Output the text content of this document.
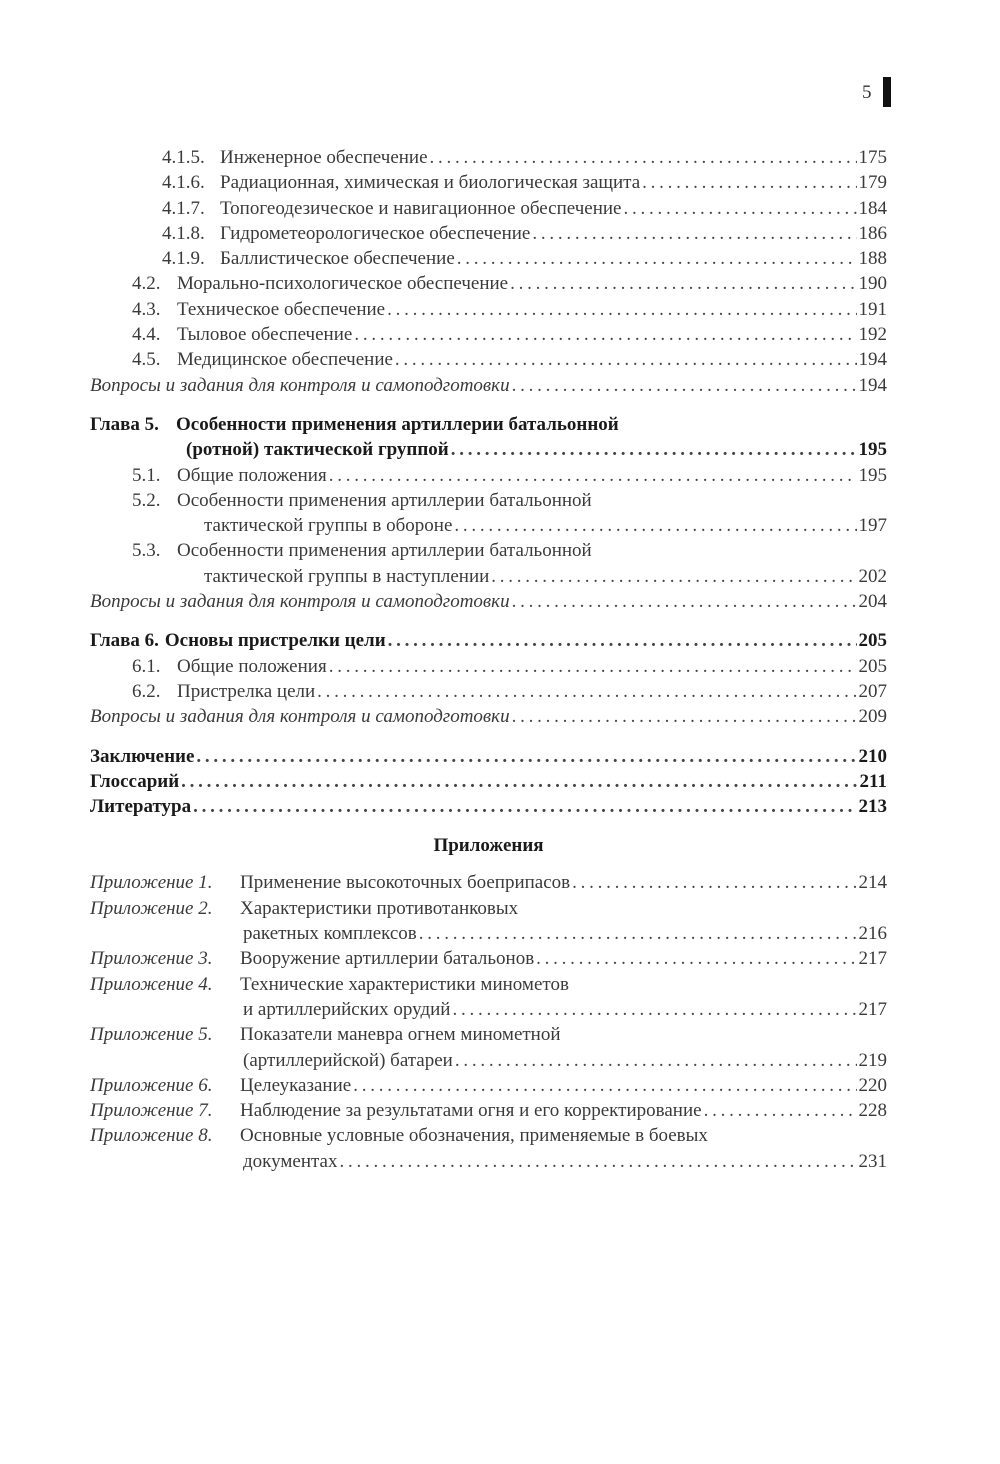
5
4.1.5. Инженерное обеспечение . . .	175
4.1.6. Радиационная, химическая и биологическая защита . . .	179
4.1.7. Топогеодезическое и навигационное обеспечение . . .	184
4.1.8. Гидрометеорологическое обеспечение . . .	186
4.1.9. Баллистическое обеспечение . . .	188
4.2. Морально-психологическое обеспечение . . .	190
4.3. Техническое обеспечение . . .	191
4.4. Тыловое обеспечение . . .	192
4.5. Медицинское обеспечение . . .	194
Вопросы и задания для контроля и самоподготовки . . .	194
Глава 5. Особенности применения артиллерии батальонной
(ротной) тактической группой . . .	195
5.1. Общие положения . . .	195
5.2. Особенности применения артиллерии батальонной
тактической группы в обороне . . .	197
5.3. Особенности применения артиллерии батальонной
тактической группы в наступлении . . .	202
Вопросы и задания для контроля и самоподготовки . . .	204
Глава 6. Основы пристрелки цели . . .	205
6.1. Общие положения . . .	205
6.2. Пристрелка цели . . .	207
Вопросы и задания для контроля и самоподготовки . . .	209
Заключение . . .	210
Глоссарий . . .	211
Литература . . .	213
Приложения
Приложение 1.	Применение высокоточных боеприпасов . . .	214
Приложение 2.	Характеристики противотанковых
ракетных комплексов . . .	216
Приложение 3.	Вооружение артиллерии батальонов . . .	217
Приложение 4.	Технические характеристики минометов
и артиллерийских орудий . . .	217
Приложение 5.	Показатели маневра огнем минометной
(артиллерийской) батареи . . .	219
Приложение 6.	Целеуказание . . .	220
Приложение 7.	Наблюдение за результатами огня и его корректирование . . .	228
Приложение 8.	Основные условные обозначения, применяемые в боевых
документах . . .	231
